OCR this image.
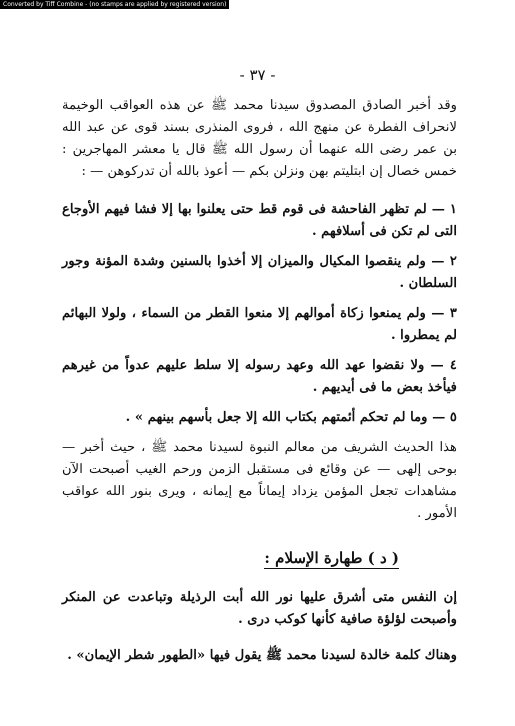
Converted by Tiff Combine - (no stamps are applied by registered version)
- ٣٧ -

وقد أخبر الصادق المصدوق سيدنا محمد ﷺ عن هذه العواقب الوخيمة لانحراف الفطرة عن منهج الله ، فروى المنذرى بسند قوى عن عبد الله بن عمر رضى الله عنهما أن رسول الله ﷺ قال يا معشر المهاجرين : خمس خصال إن ابتليتم بهن ونزلن بكم — أعوذ بالله أن تدركوهن — :

١ — لم تظهر الفاحشة فى قوم قط حتى يعلنوا بها إلا فشا فيهم الأوجاع التى لم تكن فى أسلافهم .

٢ — ولم ينقصوا المكيال والميزان إلا أخذوا بالسنين وشدة المؤنة وجور السلطان .

٣ — ولم يمنعوا زكاة أموالهم إلا منعوا القطر من السماء ، ولولا البهائم لم يمطروا .

٤ — ولا نقضوا عهد الله وعهد رسوله إلا سلط عليهم عدواً من غيرهم فيأخذ بعض ما فى أيديهم .

٥ — وما لم تحكم أئمتهم بكتاب الله إلا جعل بأسهم بينهم » .

هذا الحديث الشريف من معالم النبوة لسيدنا محمد ﷺ ، حيث أخبر — بوحى إلهى — عن وقائع فى مستقبل الزمن ورحم الغيب أصبحت الآن مشاهدات تجعل المؤمن يزداد إيماناً مع إيمانه ، ويرى بنور الله عواقب الأمور .

( د ) طهارة الإسلام :

إن النفس متى أشرق عليها نور الله أبت الرذيلة وتباعدت عن المنكر وأصبحت لؤلؤة صافية كأنها كوكب درى .

وهناك كلمة خالدة لسيدنا محمد ﷺ يقول فيها «الطهور شطر الإيمان» .
